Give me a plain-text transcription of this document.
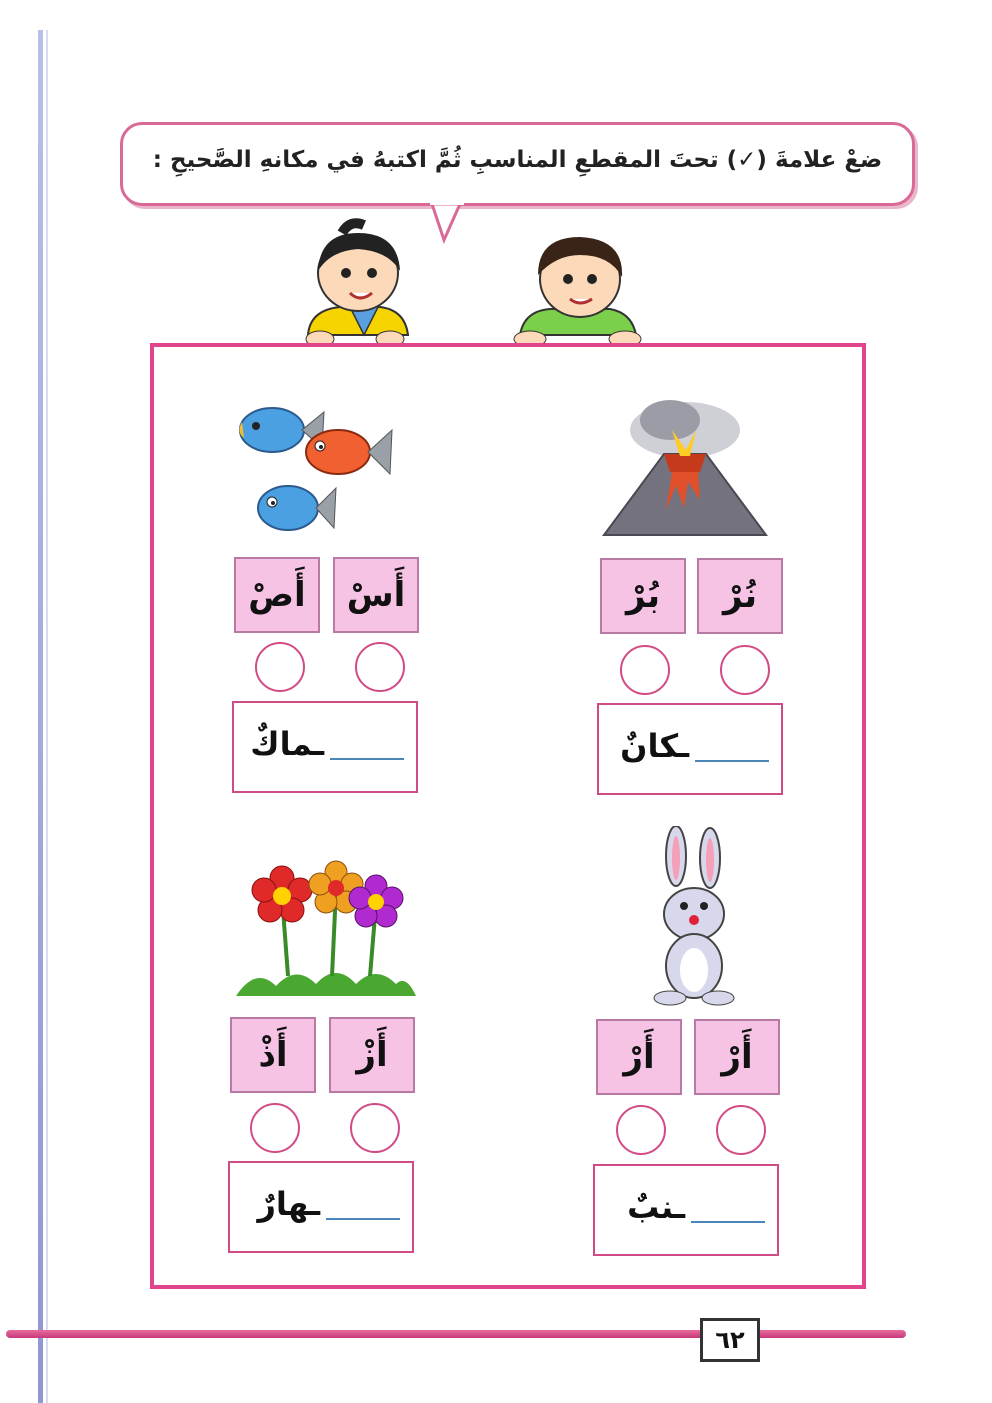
ضعْ علامةَ (✓) تحتَ المقطعِ المناسبِ ثُمَّ اكتبهُ في مكانهِ الصَّحيحِ :
نُرْ
بُرْ
ـكانٌ
أَسْ
أَصْ
ـماكٌ
أَرْ
أَرْ
ـنبٌ
أَزْ
أَذْ
ـهارٌ
٦٢
